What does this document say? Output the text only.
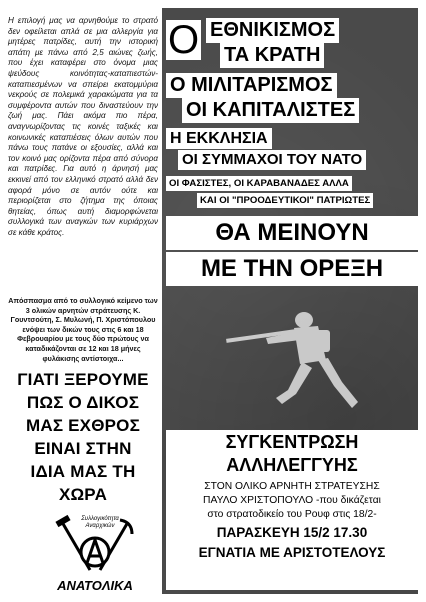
Η επιλογή μας να αρνηθούμε το στρατό δεν οφείλεται απλά σε μια αλλεργία για μητέρες πατρίδες, αυτή την ιστορική απάτη με πάνω από 2,5 αιώνες ζωής, που έχει καταφέρει στο όνομα μιας ψεύδους κοινότητας-καταπιεστών-καταπιεσμένων να σπείρει εκατομμύρια νεκρούς σε πολεμικά χαρακώματα για τα συμφέροντα αυτών που διναστεύουν την ζωή μας. Πάει ακόμα πιο πέρα, αναγνωρίζοντας τις κοινές ταξικές και κοινωνικές καταπιέσεις όλων αυτών που πάνω τους πατάνε οι εξουσίες, αλλά και τον κοινό μας ορίζοντα πέρα από σύνορα και πατρίδες. Για αυτό η άρνησή μας εκκινεί από τον ελληνικό στρατό αλλά δεν αφορά μόνο σε αυτόν ούτε και περιορίζεται στο ζήτημα της όποιας θητείας, όπως αυτή διαμορφώνεται συλλογικά των αναγκών των κυριάρχων σε κάθε κράτος.
Απόσπασμα από το συλλογικό κείμενο των 3 ολικών αρνητών στράτευσης Κ. Γουντσούτη, Σ. Μυλωνή, Π. Χριστόπουλου ενόψει των δικών τους στις 6 και 18 Φεβρουαρίου με τους δύο πρώτους να καταδικάζονται σε 12 και 18 μήνες φυλάκισης αντίστοιχα...
ΓΙΑΤΙ ΞΕΡΟΥΜΕ
ΠΩΣ Ο ΔΙΚΟΣ
ΜΑΣ ΕΧΘΡΟΣ
ΕΙΝΑΙ ΣΤΗΝ
ΙΔΙΑ ΜΑΣ ΤΗ
ΧΩΡΑ
Συλλογικότητα Αναρχικών
ΑΝΑΤΟΛΙΚΑ
Ο ΕΘΝΙΚΙΣΜΟΣ
ΤΑ ΚΡΑΤΗ
Ο ΜΙΛΙΤΑΡΙΣΜΟΣ
ΟΙ ΚΑΠΙΤΑΛΙΣΤΕΣ
Η ΕΚΚΛΗΣΙΑ
ΟΙ ΣΥΜΜΑΧΟΙ ΤΟΥ ΝΑΤΟ
ΟΙ ΦΑΣΙΣΤΕΣ, ΟΙ ΚΑΡΑΒΑΝΑΔΕΣ ΑΛΛΑ
ΚΑΙ ΟΙ "ΠΡΟΟΔΕΥΤΙΚΟΙ" ΠΑΤΡΙΩΤΕΣ
ΘΑ ΜΕΙΝΟΥΝ
ΜΕ ΤΗΝ ΟΡΕΞΗ
ΣΥΓΚΕΝΤΡΩΣΗ
ΑΛΛΗΛΕΓΓΥΗΣ
ΣΤΟΝ ΟΛΙΚΟ ΑΡΝΗΤΗ ΣΤΡΑΤΕΥΣΗΣ
ΠΑΥΛΟ ΧΡΙΣΤΟΠΟΥΛΟ -που δικάζεται
στο στρατοδικείο του Ρουφ στις 18/2-
ΠΑΡΑΣΚΕΥΗ 15/2 17.30
ΕΓΝΑΤΙΑ ΜΕ ΑΡΙΣΤΟΤΕΛΟΥΣ
